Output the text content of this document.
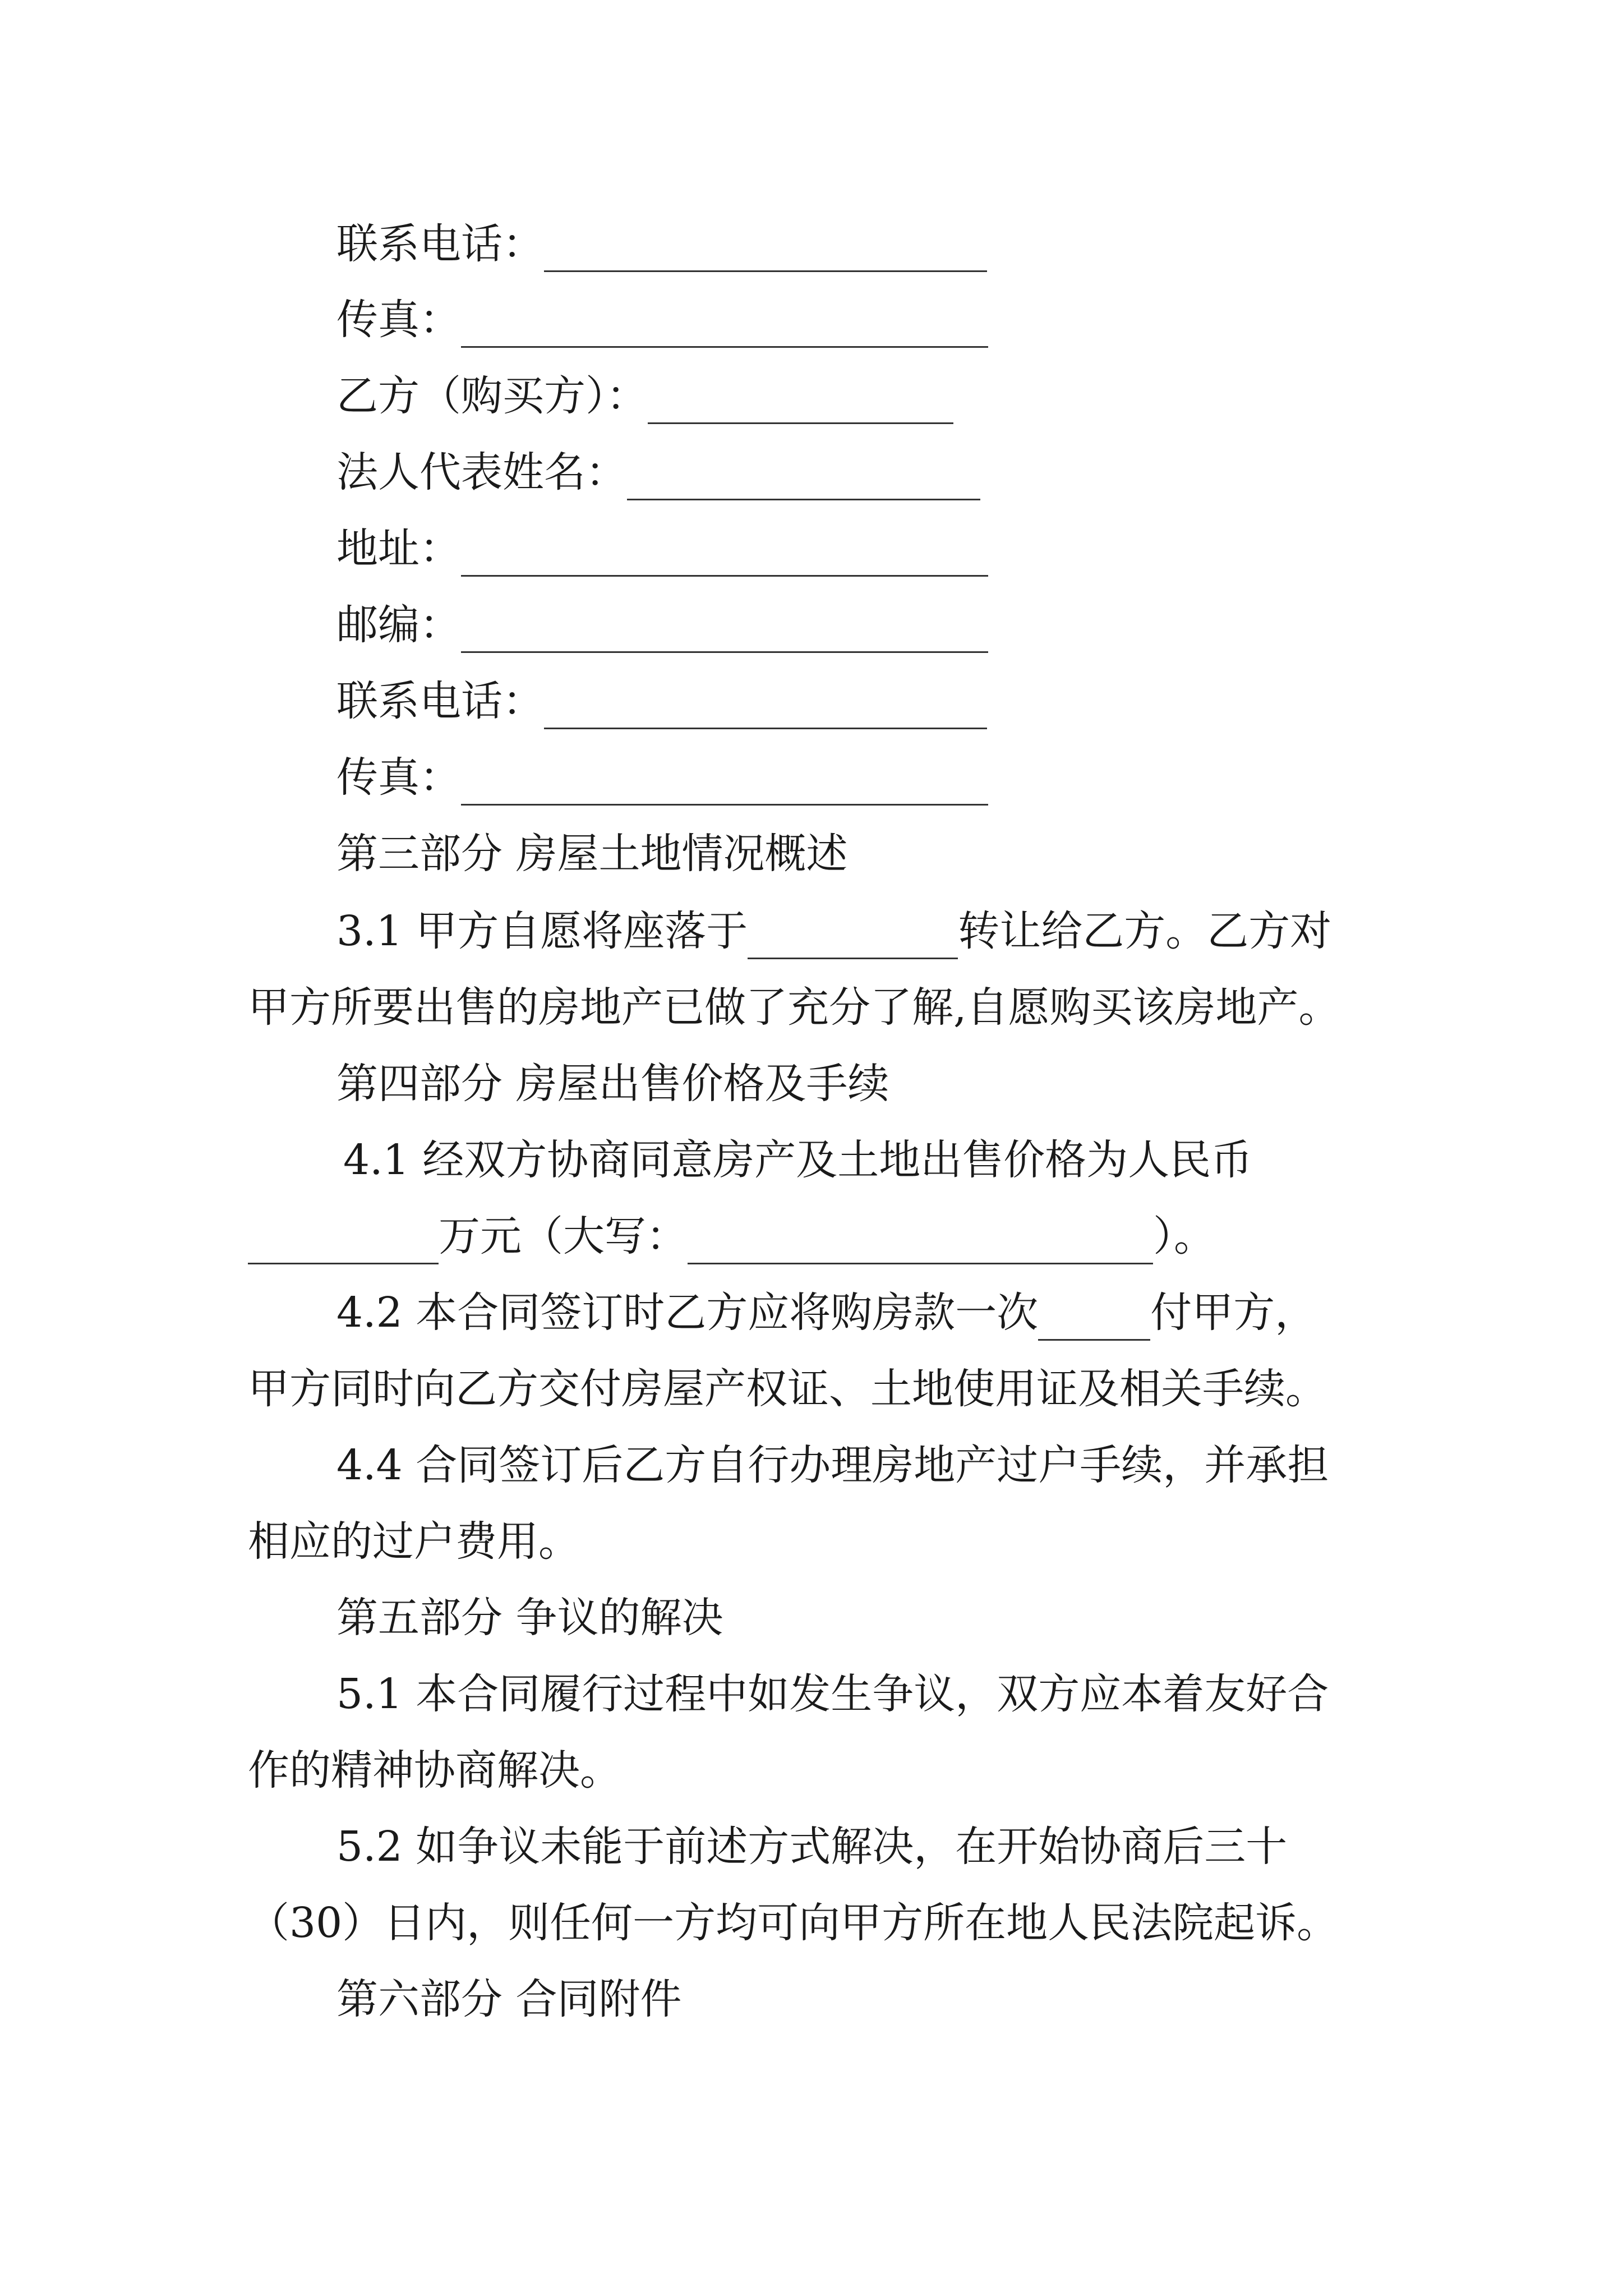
联系电话：
传真：
乙方（购买方）：
法人代表姓名：
地址：
邮编：
联系电话：
传真：
第三部分 房屋土地情况概述
3.1 甲方自愿将座落于	转让给乙方。乙方对
甲方所要出售的房地产已做了充分了解,自愿购买该房地产。
第四部分 房屋出售价格及手续
4.1 经双方协商同意房产及土地出售价格为人民币
万元（大写：	）。
4.2 本合同签订时乙方应将购房款一次	付甲方，
甲方同时向乙方交付房屋产权证、土地使用证及相关手续。
4.4 合同签订后乙方自行办理房地产过户手续，并承担
相应的过户费用。
第五部分 争议的解决
5.1 本合同履行过程中如发生争议，双方应本着友好合
作的精神协商解决。
5.2 如争议未能于前述方式解决，在开始协商后三十
（30）日内，则任何一方均可向甲方所在地人民法院起诉。
第六部分 合同附件
